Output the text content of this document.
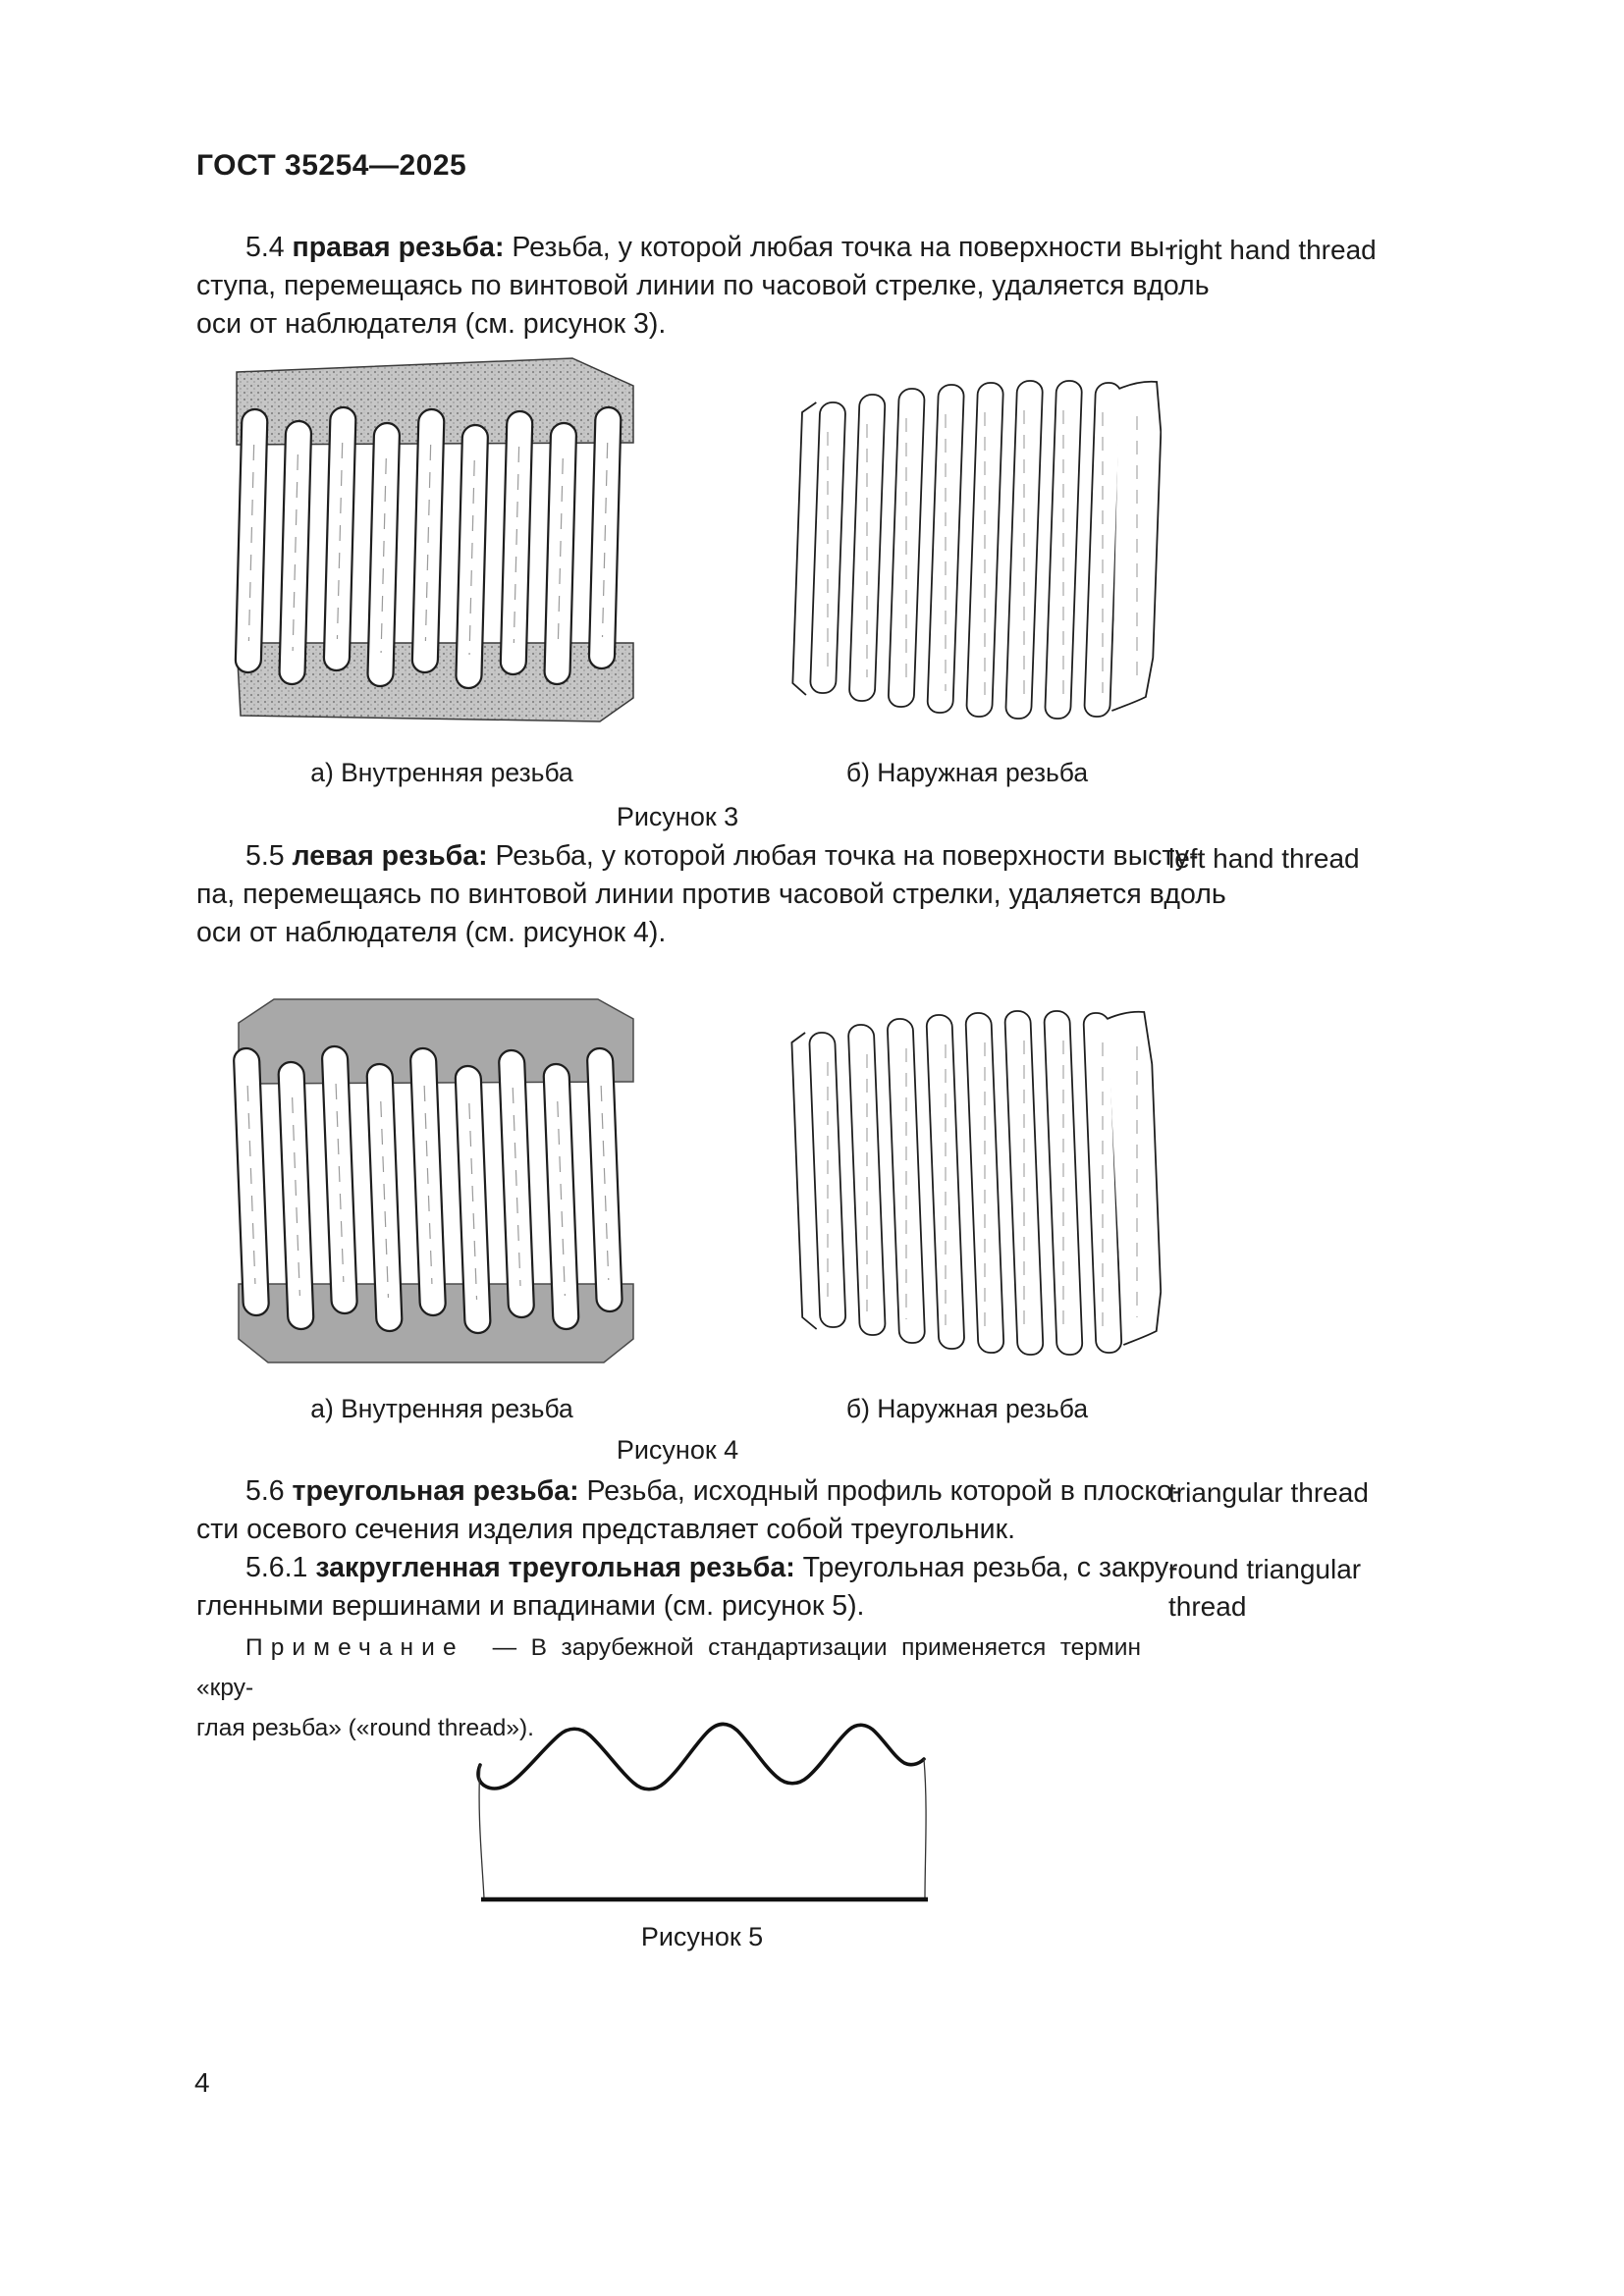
ГОСТ 35254—2025
5.4 правая резьба: Резьба, у которой любая точка на поверхности вы-
ступа, перемещаясь по винтовой линии по часовой стрелке, удаляется вдоль
оси от наблюдателя (см. рисунок 3).
right hand thread
а) Внутренняя резьба	б) Наружная резьба
Рисунок 3
5.5 левая резьба: Резьба, у которой любая точка на поверхности высту-
па, перемещаясь по винтовой линии против часовой стрелки, удаляется вдоль
оси от наблюдателя (см. рисунок 4).
left hand thread
а) Внутренняя резьба	б) Наружная резьба
Рисунок 4
5.6 треугольная резьба: Резьба, исходный профиль которой в плоско-
сти осевого сечения изделия представляет собой треугольник.
triangular thread
5.6.1 закругленная треугольная резьба: Треугольная резьба, с закру-
гленными вершинами и впадинами (см. рисунок 5).
round triangular thread
Примечание — В зарубежной стандартизации применяется термин «кру-
глая резьба» («round thread»).
Рисунок 5
4
